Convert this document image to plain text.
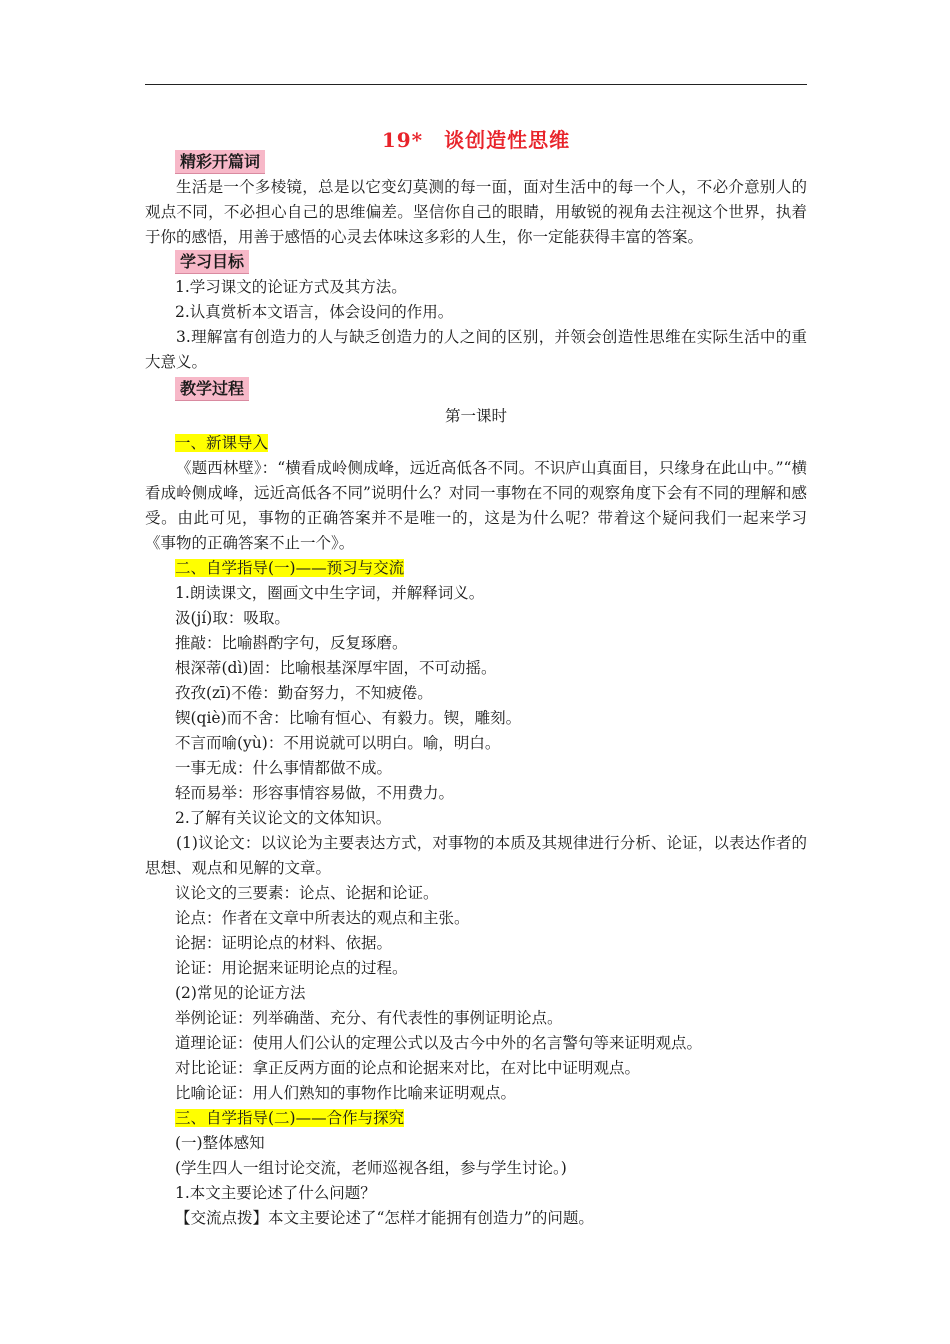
19*　谈创造性思维
精彩开篇词

生活是一个多棱镜，总是以它变幻莫测的每一面，面对生活中的每一个人，不必介意别人的观点不同，不必担心自己的思维偏差。坚信你自己的眼睛，用敏锐的视角去注视这个世界，执着于你的感悟，用善于感悟的心灵去体味这多彩的人生，你一定能获得丰富的答案。

学习目标

1.学习课文的论证方式及其方法。

2.认真赏析本文语言，体会设问的作用。

3.理解富有创造力的人与缺乏创造力的人之间的区别，并领会创造性思维在实际生活中的重大意义。

教学过程

第一课时

一、新课导入

《题西林壁》：“横看成岭侧成峰，远近高低各不同。不识庐山真面目，只缘身在此山中。”“横看成岭侧成峰，远近高低各不同”说明什么？对同一事物在不同的观察角度下会有不同的理解和感受。由此可见，事物的正确答案并不是唯一的，这是为什么呢？带着这个疑问我们一起来学习《事物的正确答案不止一个》。

二、自学指导(一)——预习与交流

1.朗读课文，圈画文中生字词，并解释词义。

汲(jí)取：吸取。

推敲：比喻斟酌字句，反复琢磨。

根深蒂(dì)固：比喻根基深厚牢固，不可动摇。

孜孜(zī)不倦：勤奋努力，不知疲倦。

锲(qiè)而不舍：比喻有恒心、有毅力。锲，雕刻。

不言而喻(yù)：不用说就可以明白。喻，明白。

一事无成：什么事情都做不成。

轻而易举：形容事情容易做，不用费力。

2.了解有关议论文的文体知识。

(1)议论文：以议论为主要表达方式，对事物的本质及其规律进行分析、论证，以表达作者的思想、观点和见解的文章。

议论文的三要素：论点、论据和论证。

论点：作者在文章中所表达的观点和主张。

论据：证明论点的材料、依据。

论证：用论据来证明论点的过程。

(2)常见的论证方法

举例论证：列举确凿、充分、有代表性的事例证明论点。

道理论证：使用人们公认的定理公式以及古今中外的名言警句等来证明观点。

对比论证：拿正反两方面的论点和论据来对比，在对比中证明观点。

比喻论证：用人们熟知的事物作比喻来证明观点。

三、自学指导(二)——合作与探究

(一)整体感知

(学生四人一组讨论交流，老师巡视各组，参与学生讨论。)

1.本文主要论述了什么问题？

【交流点拨】本文主要论述了“怎样才能拥有创造力”的问题。
